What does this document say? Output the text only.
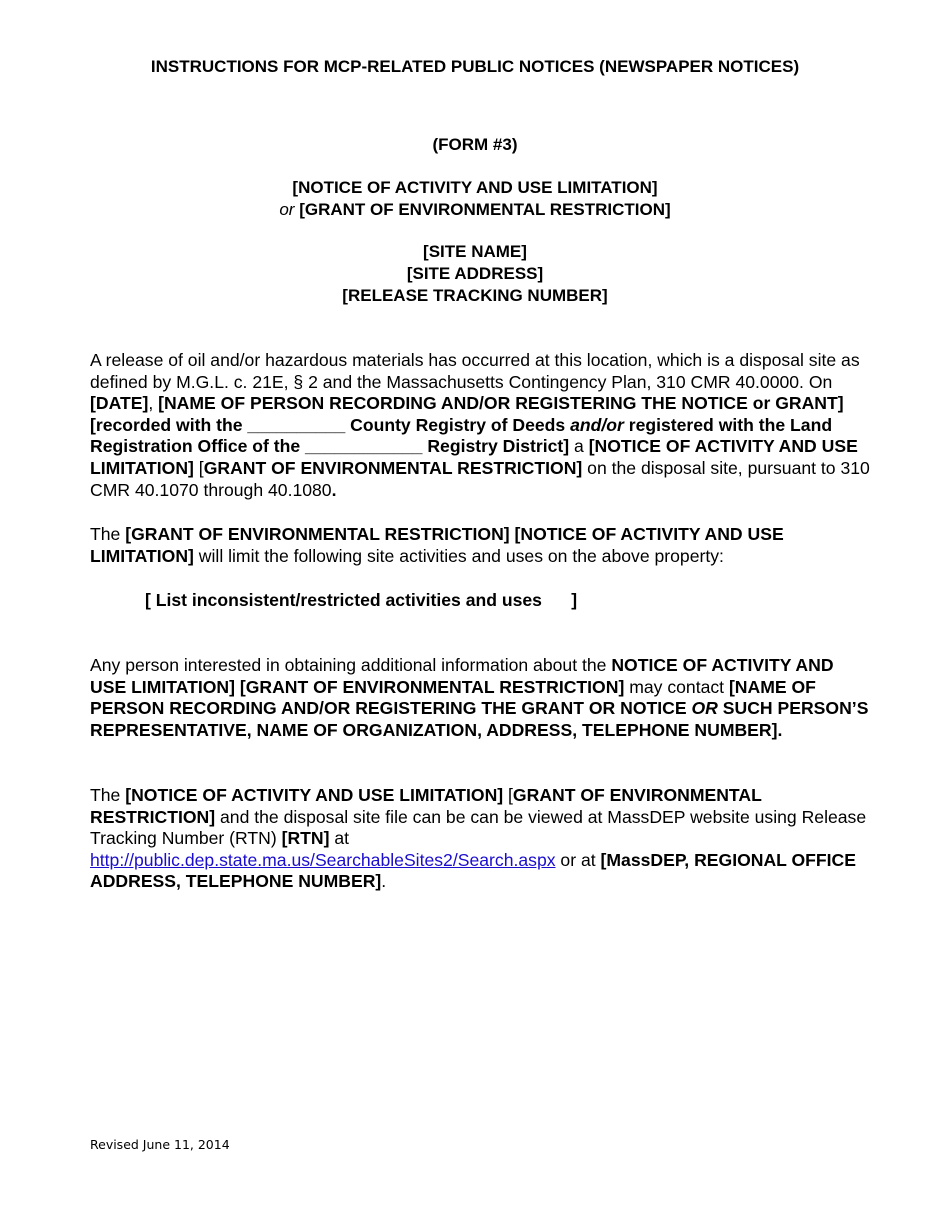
INSTRUCTIONS FOR MCP-RELATED PUBLIC NOTICES (NEWSPAPER NOTICES)
(FORM #3)
[NOTICE OF ACTIVITY AND USE LIMITATION]
or [GRANT OF ENVIRONMENTAL RESTRICTION]
[SITE NAME]
[SITE ADDRESS]
[RELEASE TRACKING NUMBER]

A release of oil and/or hazardous materials has occurred at this location, which is a disposal site as defined by M.G.L. c. 21E, § 2 and the Massachusetts Contingency Plan, 310 CMR 40.0000. On [DATE], [NAME OF PERSON RECORDING AND/OR REGISTERING THE NOTICE or GRANT] [recorded with the __________ County Registry of Deeds and/or registered with the Land Registration Office of the ____________ Registry District] a [NOTICE OF ACTIVITY AND USE LIMITATION] [GRANT OF ENVIRONMENTAL RESTRICTION] on the disposal site, pursuant to 310 CMR 40.1070 through 40.1080.

The [GRANT OF ENVIRONMENTAL RESTRICTION] [NOTICE OF ACTIVITY AND USE LIMITATION] will limit the following site activities and uses on the above property:

[ List inconsistent/restricted activities and uses      ]

Any person interested in obtaining additional information about the NOTICE OF ACTIVITY AND USE LIMITATION] [GRANT OF ENVIRONMENTAL RESTRICTION] may contact [NAME OF PERSON RECORDING AND/OR REGISTERING THE GRANT OR NOTICE OR SUCH PERSON’S REPRESENTATIVE, NAME OF ORGANIZATION, ADDRESS, TELEPHONE NUMBER].

The [NOTICE OF ACTIVITY AND USE LIMITATION] [GRANT OF ENVIRONMENTAL RESTRICTION] and the disposal site file can be can be viewed at MassDEP website using Release Tracking Number (RTN) [RTN] at
http://public.dep.state.ma.us/SearchableSites2/Search.aspx or at [MassDEP, REGIONAL OFFICE ADDRESS, TELEPHONE NUMBER].

Revised June 11, 2014
